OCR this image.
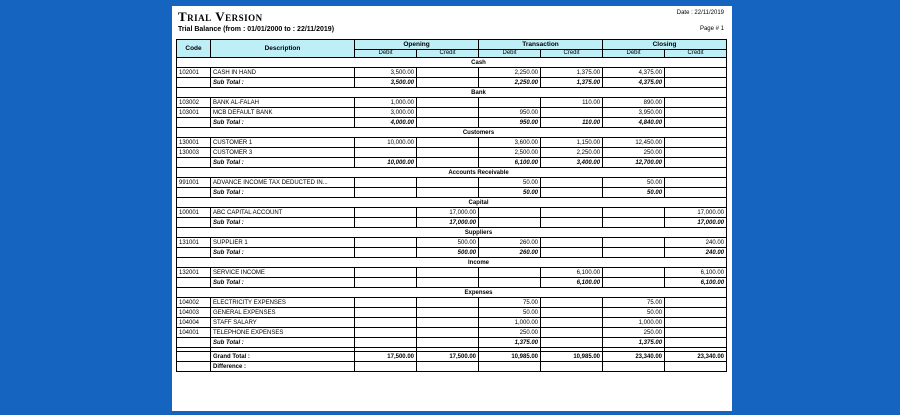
Trial Version
Trial Balance (from : 01/01/2000 to : 22/11/2019)
Date : 22/11/2019
Page # 1
Code	Description	Opening		Transaction		Closing	
		Debit	Credit	Debit	Credit	Debit	Credit
			Cash				
102001	CASH IN HAND	3,500.00		2,250.00	1,375.00	4,375.00	
	Sub Total :	3,500.00		2,250.00	1,375.00	4,375.00	
			Bank				
103002	BANK AL-FALAH	1,000.00			110.00	890.00	
103001	MCB DEFAULT BANK	3,000.00		950.00		3,950.00	
	Sub Total :	4,000.00		950.00	110.00	4,840.00	
			Customers				
130001	CUSTOMER 1	10,000.00		3,600.00	1,150.00	12,450.00	
130003	CUSTOMER 3			2,500.00	2,250.00	250.00	
	Sub Total :	10,000.00		6,100.00	3,400.00	12,700.00	
			Accounts Receivable				
991001	ADVANCE INCOME TAX DEDUCTED IN...			50.00		50.00	
	Sub Total :			50.00		50.00	
			Capital				
100001	ABC CAPITAL ACCOUNT		17,000.00				17,000.00
	Sub Total :		17,000.00				17,000.00
			Suppliers				
131001	SUPPLIER 1		500.00	260.00			240.00
	Sub Total :		500.00	260.00			240.00
			Income				
132001	SERVICE INCOME				6,100.00		6,100.00
	Sub Total :				6,100.00		6,100.00
			Expenses				
104002	ELECTRICITY EXPENSES			75.00		75.00	
104003	GENERAL EXPENSES			50.00		50.00	
104004	STAFF SALARY			1,000.00		1,000.00	
104001	TELEPHONE EXPENSES			250.00		250.00	
	Sub Total :			1,375.00		1,375.00	

	Grand Total :	17,500.00	17,500.00	10,985.00	10,985.00	23,340.00	23,340.00
	Difference :						
